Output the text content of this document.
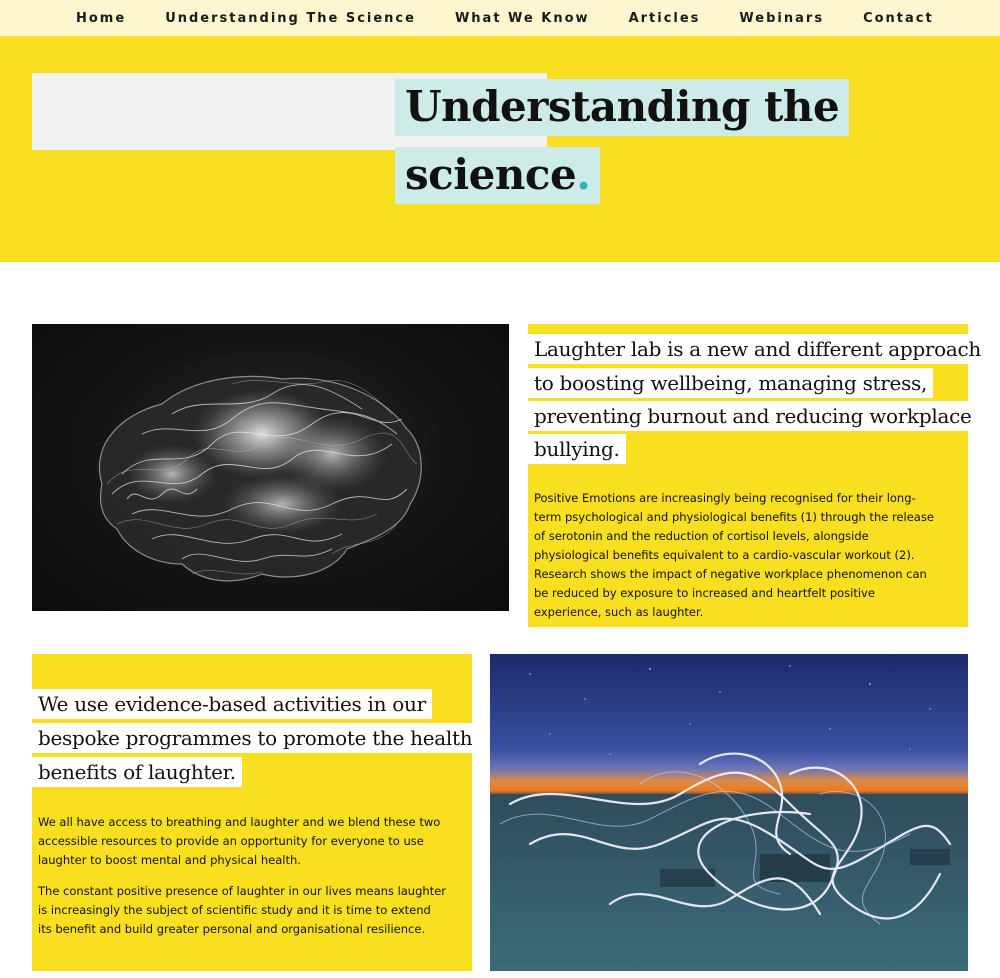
Home	Understanding The Science	What We Know	Articles	Webinars	Contact
Understanding the
science.
Laughter lab is a new and different approach
to boosting wellbeing, managing stress,
preventing burnout and reducing workplace
bullying.
Positive Emotions are increasingly being recognised for their long-
term psychological and physiological benefits (1) through the release
of serotonin and the reduction of cortisol levels, alongside
physiological benefits equivalent to a cardio-vascular workout (2).
Research shows the impact of negative workplace phenomenon can
be reduced by exposure to increased and heartfelt positive
experience, such as laughter.
We use evidence-based activities in our
bespoke programmes to promote the health
benefits of laughter.
We all have access to breathing and laughter and we blend these two
accessible resources to provide an opportunity for everyone to use
laughter to boost mental and physical health.
The constant positive presence of laughter in our lives means laughter
is increasingly the subject of scientific study and it is time to extend
its benefit and build greater personal and organisational resilience.
